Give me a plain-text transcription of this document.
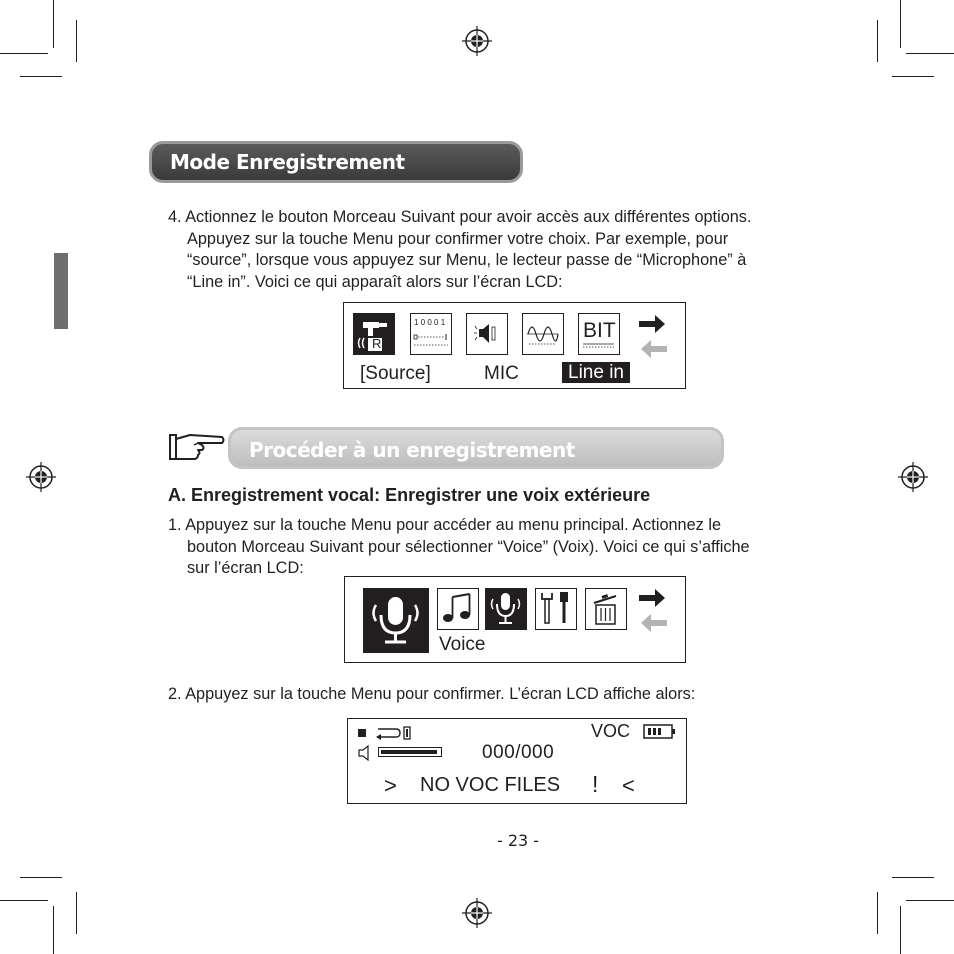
Mode Enregistrement
4. Actionnez le bouton Morceau Suivant pour avoir accès aux différentes options.
Appuyez sur la touche Menu pour confirmer votre choix. Par exemple, pour
“source”, lorsque vous appuyez sur Menu, le lecteur passe de “Microphone” à
“Line in”. Voici ce qui apparaît alors sur l’écran LCD:
R
1 0 0 0 1	BIT
[Source]	MIC	Line in
Procéder à un enregistrement
A. Enregistrement vocal: Enregistrer une voix extérieure
1. Appuyez sur la touche Menu pour accéder au menu principal. Actionnez le
bouton Morceau Suivant pour sélectionner “Voice” (Voix). Voici ce qui s’affiche
sur l’écran LCD:
Voice
2. Appuyez sur la touche Menu pour confirmer. L’écran LCD affiche alors:
VOC
000/000
> NO VOC FILES ! <
- 23 -
